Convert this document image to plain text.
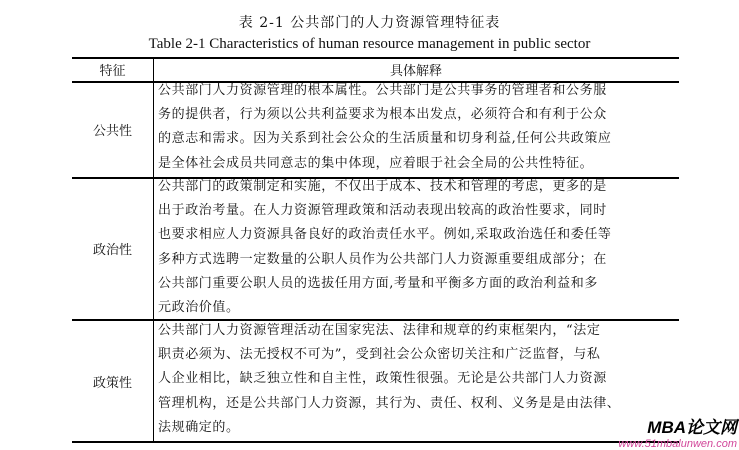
表 2-1 公共部门的人力资源管理特征表
Table 2-1 Characteristics of human resource management in public sector
特征	具体解释
公共性
公共部门人力资源管理的根本属性。公共部门是公共事务的管理者和公务服
务的提供者，行为须以公共利益要求为根本出发点，必须符合和有利于公众
的意志和需求。因为关系到社会公众的生活质量和切身利益,任何公共政策应
是全体社会成员共同意志的集中体现，应着眼于社会全局的公共性特征。
政治性
公共部门的政策制定和实施，不仅出于成本、技术和管理的考虑，更多的是
出于政治考量。在人力资源管理政策和活动表现出较高的政治性要求，同时
也要求相应人力资源具备良好的政治责任水平。例如,采取政治选任和委任等
多种方式选聘一定数量的公职人员作为公共部门人力资源重要组成部分；在
公共部门重要公职人员的选拔任用方面,考量和平衡多方面的政治利益和多
元政治价值。
政策性
公共部门人力资源管理活动在国家宪法、法律和规章的约束框架内，“法定
职责必须为、法无授权不可为”，受到社会公众密切关注和广泛监督，与私
人企业相比，缺乏独立性和自主性，政策性很强。无论是公共部门人力资源
管理机构，还是公共部门人力资源，其行为、责任、权利、义务是是由法律、
法规确定的。	MBA论文网
www.51mbalunwen.com
